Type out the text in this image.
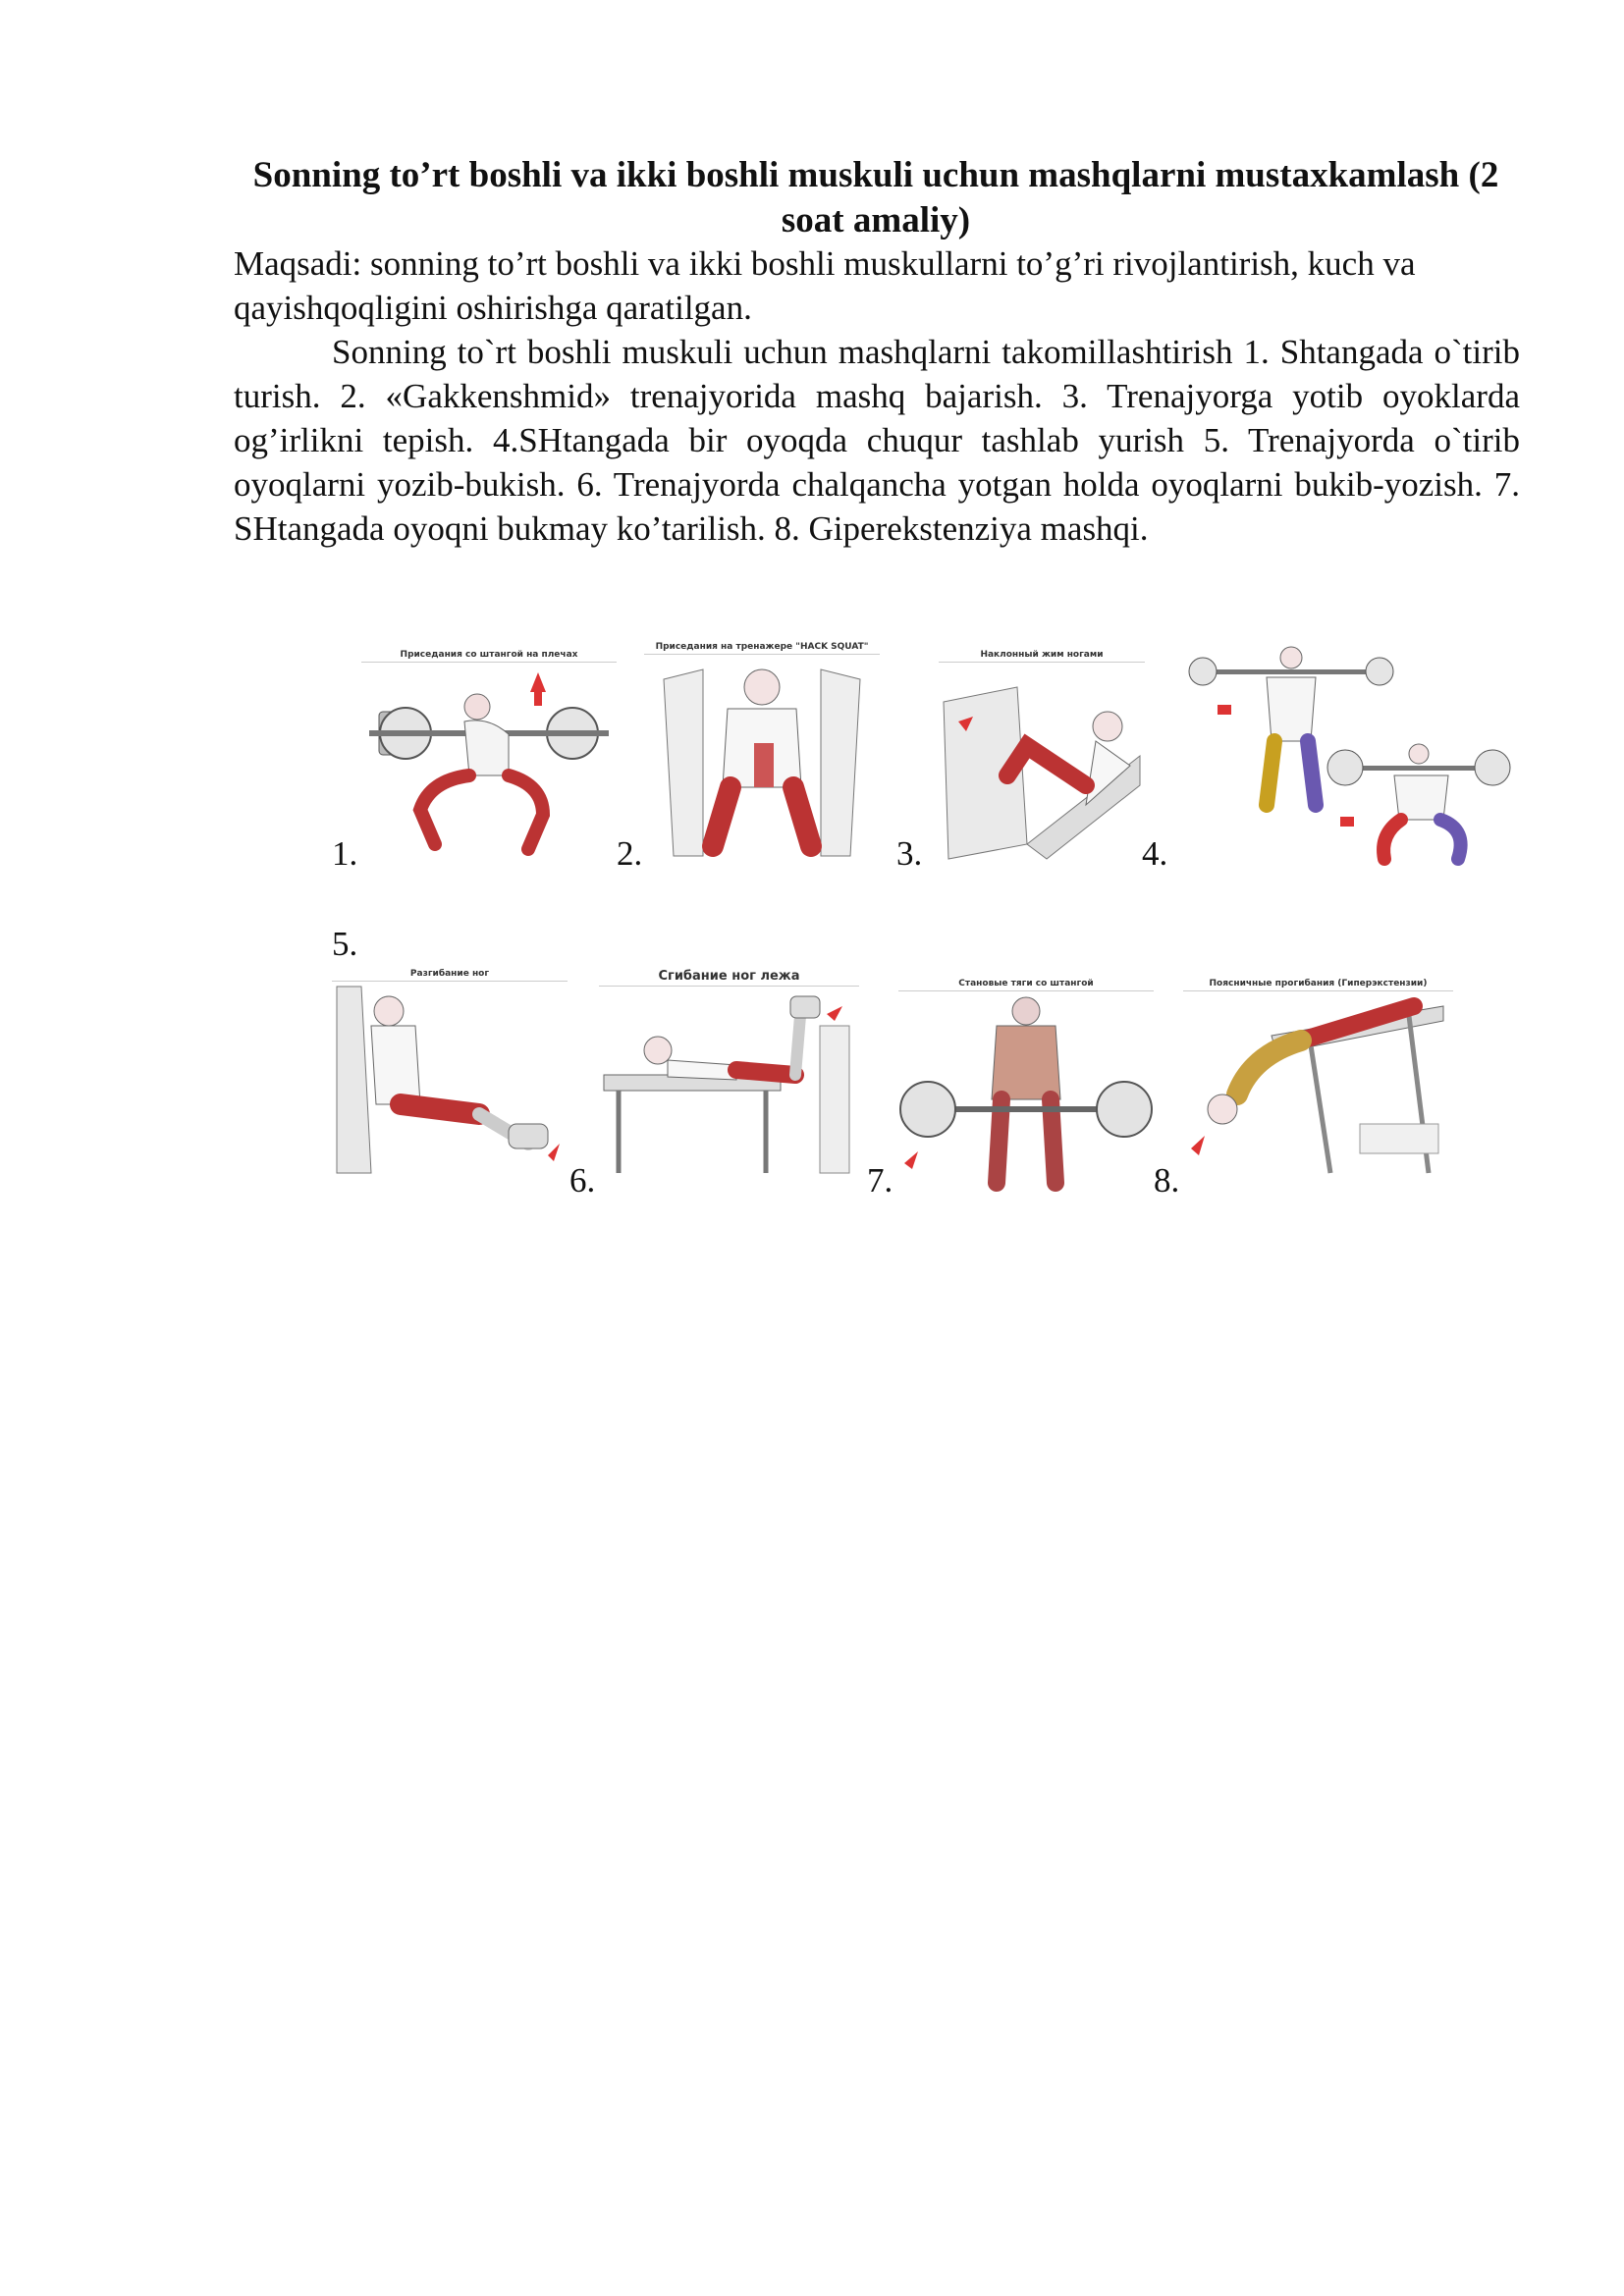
Sonning to’rt boshli va ikki boshli muskuli uchun mashqlarni mustaxkamlash (2 soat amaliy)
Maqsadi: sonning to’rt boshli va ikki boshli muskullarni to’g’ri rivojlantirish, kuch va qayishqoqligini oshirishga qaratilgan.
Sonning to`rt boshli muskuli uchun mashqlarni takomillashtirish 1. Shtangada o`tirib turish. 2. «Gakkenshmid» trenajyorida mashq bajarish. 3. Trenajyorga yotib oyoklarda og’irlikni tepish. 4.SHtangada bir oyoqda chuqur tashlab yurish 5. Trenajyorda o`tirib oyoqlarni yozib-bukish. 6. Trenajyorda chalqancha yotgan holda oyoqlarni bukib-yozish. 7. SHtangada oyoqni bukmay ko’tarilish. 8. Giperekstenziya mashqi.
Приседания со штангой на плечах
1.
Приседания на тренажере "HACK SQUAT"
2.
Наклонный жим ногами
3.	4.
5.
Разгибание ног
6.
Сгибание ног лежа
7.
Становые тяги со штангой
8.
Поясничные прогибания (Гиперэкстензии)
